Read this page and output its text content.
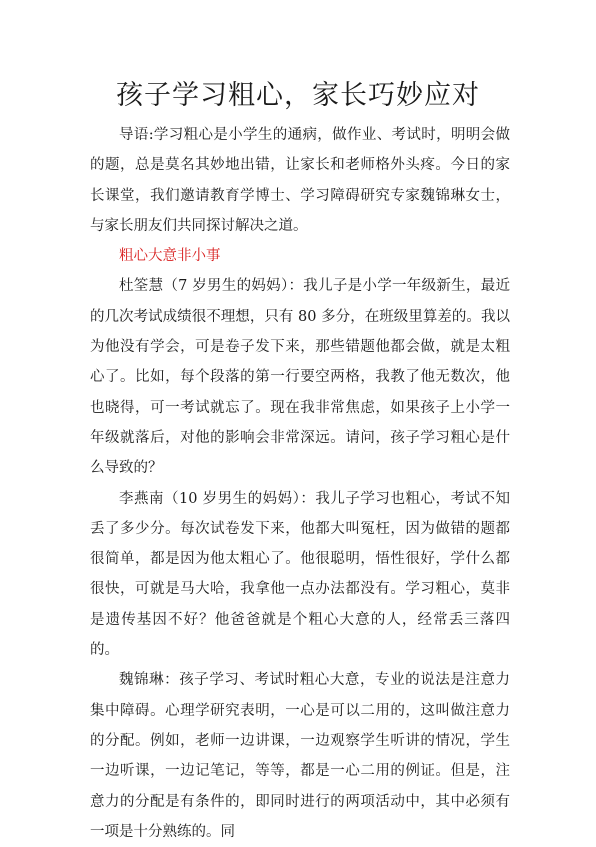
孩子学习粗心，家长巧妙应对

导语:学习粗心是小学生的通病，做作业、考试时，明明会做的题，总是莫名其妙地出错，让家长和老师格外头疼。今日的家长课堂，我们邀请教育学博士、学习障碍研究专家魏锦琳女士，与家长朋友们共同探讨解决之道。

粗心大意非小事

杜筌慧（7 岁男生的妈妈）：我儿子是小学一年级新生，最近的几次考试成绩很不理想，只有 80 多分，在班级里算差的。我以为他没有学会，可是卷子发下来，那些错题他都会做，就是太粗心了。比如，每个段落的第一行要空两格，我教了他无数次，他也晓得，可一考试就忘了。现在我非常焦虑，如果孩子上小学一年级就落后，对他的影响会非常深远。请问，孩子学习粗心是什么导致的？

李燕南（10 岁男生的妈妈）：我儿子学习也粗心，考试不知丢了多少分。每次试卷发下来，他都大叫冤枉，因为做错的题都很简单，都是因为他太粗心了。他很聪明，悟性很好，学什么都很快，可就是马大哈，我拿他一点办法都没有。学习粗心，莫非是遗传基因不好？他爸爸就是个粗心大意的人，经常丢三落四的。

魏锦琳：孩子学习、考试时粗心大意，专业的说法是注意力集中障碍。心理学研究表明，一心是可以二用的，这叫做注意力的分配。例如，老师一边讲课，一边观察学生听讲的情况，学生一边听课，一边记笔记，等等，都是一心二用的例证。但是，注意力的分配是有条件的，即同时进行的两项活动中，其中必须有一项是十分熟练的。同
